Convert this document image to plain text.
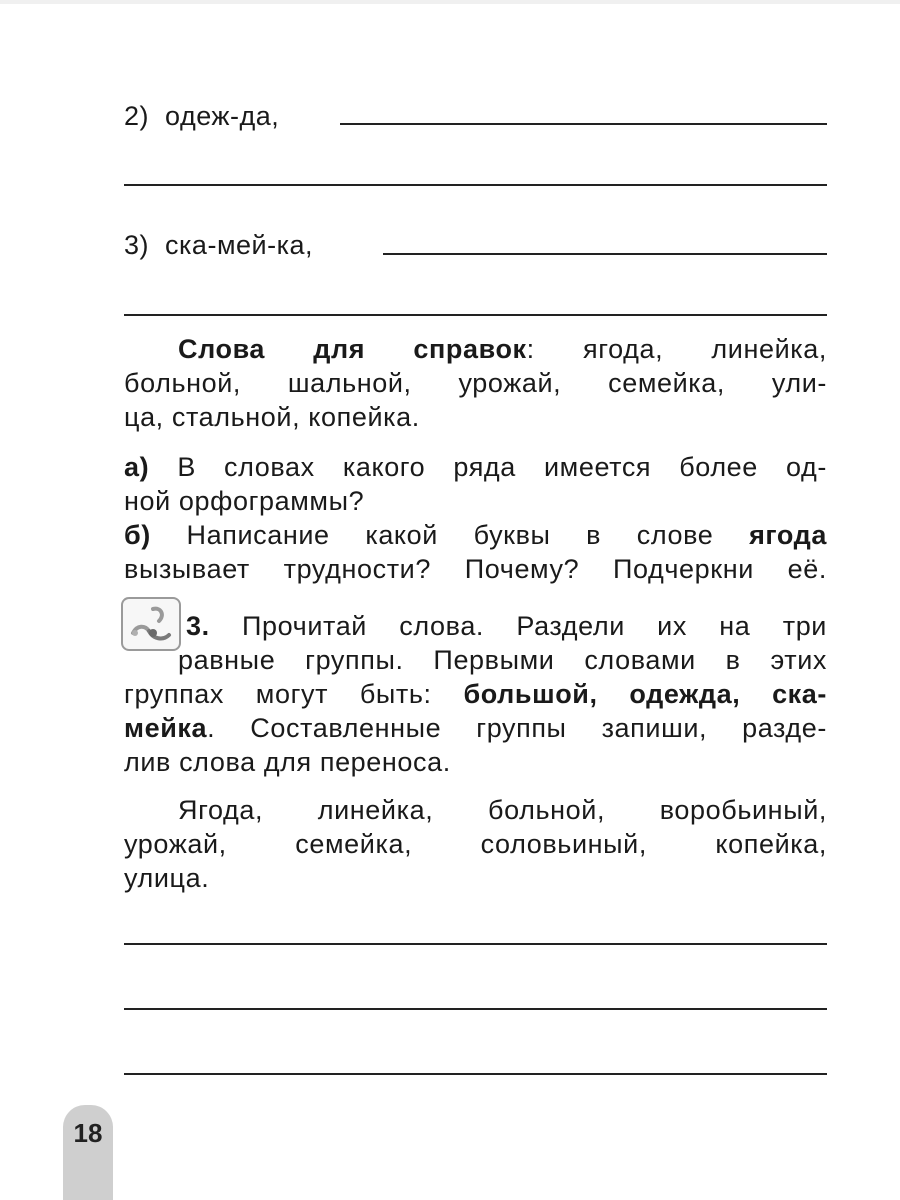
2) одеж-да,
3) ска-мей-ка,
Слова для справок: ягода, линейка,
больной, шальной, урожай, семейка, ули-
ца, стальной, копейка.
а) В словах какого ряда имеется более од-
ной орфограммы?
б) Написание какой буквы в слове ягода
вызывает трудности? Почему? Подчеркни её.
3. Прочитай слова. Раздели их на три
равные группы. Первыми словами в этих
группах могут быть: большой, одежда, ска-
мейка. Составленные группы запиши, разде-
лив слова для переноса.
Ягода, линейка, больной, воробьиный,
урожай, семейка, соловьиный, копейка,
улица.
18
